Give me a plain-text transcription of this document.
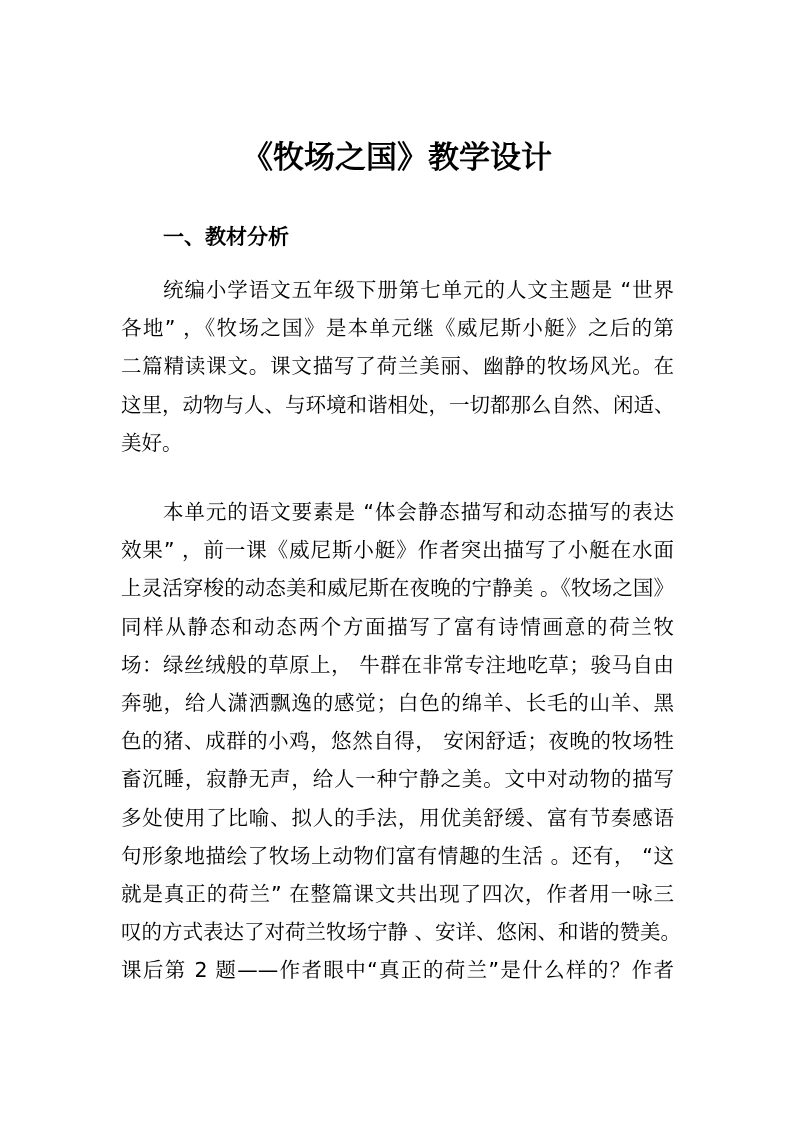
《牧场之国》教学设计
一、教材分析
统编小学语文五年级下册第七单元的人文主题是 “世界
各地” ，《牧场之国》是本单元继《威尼斯小艇》之后的第
二篇精读课文。课文描写了荷兰美丽、幽静的牧场风光。在
这里，动物与人、与环境和谐相处，一切都那么自然、闲适、
美好。
本单元的语文要素是 “体会静态描写和动态描写的表达
效果” ，前一课《威尼斯小艇》作者突出描写了小艇在水面
上灵活穿梭的动态美和威尼斯在夜晚的宁静美 。《牧场之国》
同样从静态和动态两个方面描写了富有诗情画意的荷兰牧
场：绿丝绒般的草原上， 牛群在非常专注地吃草；骏马自由
奔驰，给人潇洒飘逸的感觉；白色的绵羊、长毛的山羊、黑
色的猪、成群的小鸡，悠然自得， 安闲舒适；夜晚的牧场牲
畜沉睡，寂静无声，给人一种宁静之美。文中对动物的描写
多处使用了比喻、拟人的手法，用优美舒缓、富有节奏感语
句形象地描绘了牧场上动物们富有情趣的生活 。还有， “这
就是真正的荷兰” 在整篇课文共出现了四次，作者用一咏三
叹的方式表达了对荷兰牧场宁静 、安详、悠闲、和谐的赞美。
课后第 2 题——作者眼中“真正的荷兰”是什么样的？作者
